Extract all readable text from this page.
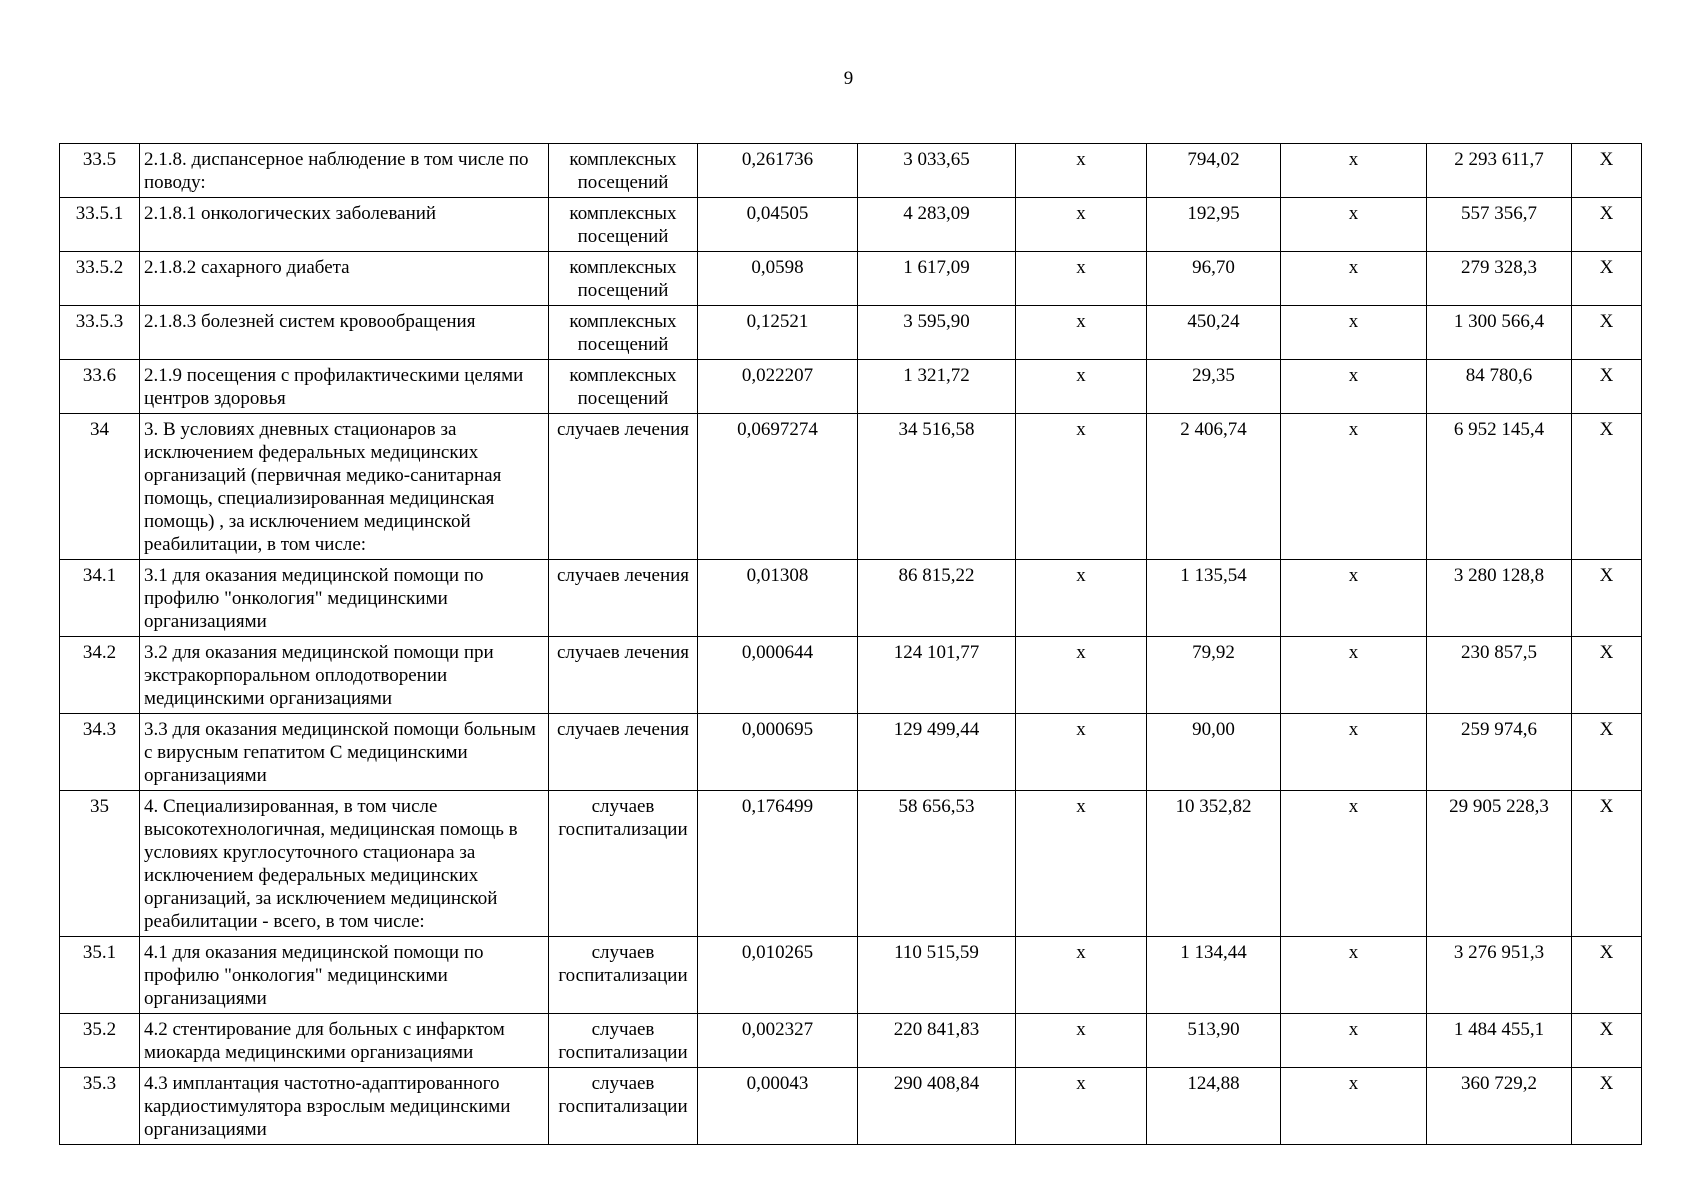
9
33.5	2.1.8. диспансерное наблюдение в том числе по поводу:	комплексных посещений	0,261736	3 033,65	х	794,02	х	2 293 611,7	Х
33.5.1	2.1.8.1 онкологических заболеваний	комплексных посещений	0,04505	4 283,09	х	192,95	х	557 356,7	Х
33.5.2	2.1.8.2 сахарного диабета	комплексных посещений	0,0598	1 617,09	х	96,70	х	279 328,3	Х
33.5.3	2.1.8.3 болезней систем кровообращения	комплексных посещений	0,12521	3 595,90	х	450,24	х	1 300 566,4	Х
33.6	2.1.9 посещения с профилактическими целями центров здоровья	комплексных посещений	0,022207	1 321,72	х	29,35	х	84 780,6	Х
34	3. В условиях дневных стационаров за исключением федеральных медицинских организаций (первичная медико-санитарная помощь, специализированная медицинская помощь) , за исключением медицинской реабилитации, в том числе:	случаев лечения	0,0697274	34 516,58	х	2 406,74	х	6 952 145,4	Х
34.1	3.1 для оказания медицинской помощи по профилю "онкология" медицинскими организациями	случаев лечения	0,01308	86 815,22	х	1 135,54	х	3 280 128,8	Х
34.2	3.2 для оказания медицинской помощи при экстракорпоральном оплодотворении медицинскими организациями	случаев лечения	0,000644	124 101,77	х	79,92	х	230 857,5	Х
34.3	3.3 для оказания медицинской помощи больным с вирусным гепатитом С медицинскими организациями	случаев лечения	0,000695	129 499,44	х	90,00	х	259 974,6	Х
35	4. Специализированная, в том числе высокотехнологичная, медицинская помощь в условиях круглосуточного стационара за исключением федеральных медицинских организаций, за исключением медицинской реабилитации - всего, в том числе:	случаев госпитализации	0,176499	58 656,53	х	10 352,82	х	29 905 228,3	Х
35.1	4.1 для оказания медицинской помощи по профилю "онкология" медицинскими организациями	случаев госпитализации	0,010265	110 515,59	х	1 134,44	х	3 276 951,3	Х
35.2	4.2 стентирование для больных с инфарктом миокарда медицинскими организациями	случаев госпитализации	0,002327	220 841,83	х	513,90	х	1 484 455,1	Х
35.3	4.3 имплантация частотно-адаптированного кардиостимулятора взрослым медицинскими организациями	случаев госпитализации	0,00043	290 408,84	х	124,88	х	360 729,2	Х
